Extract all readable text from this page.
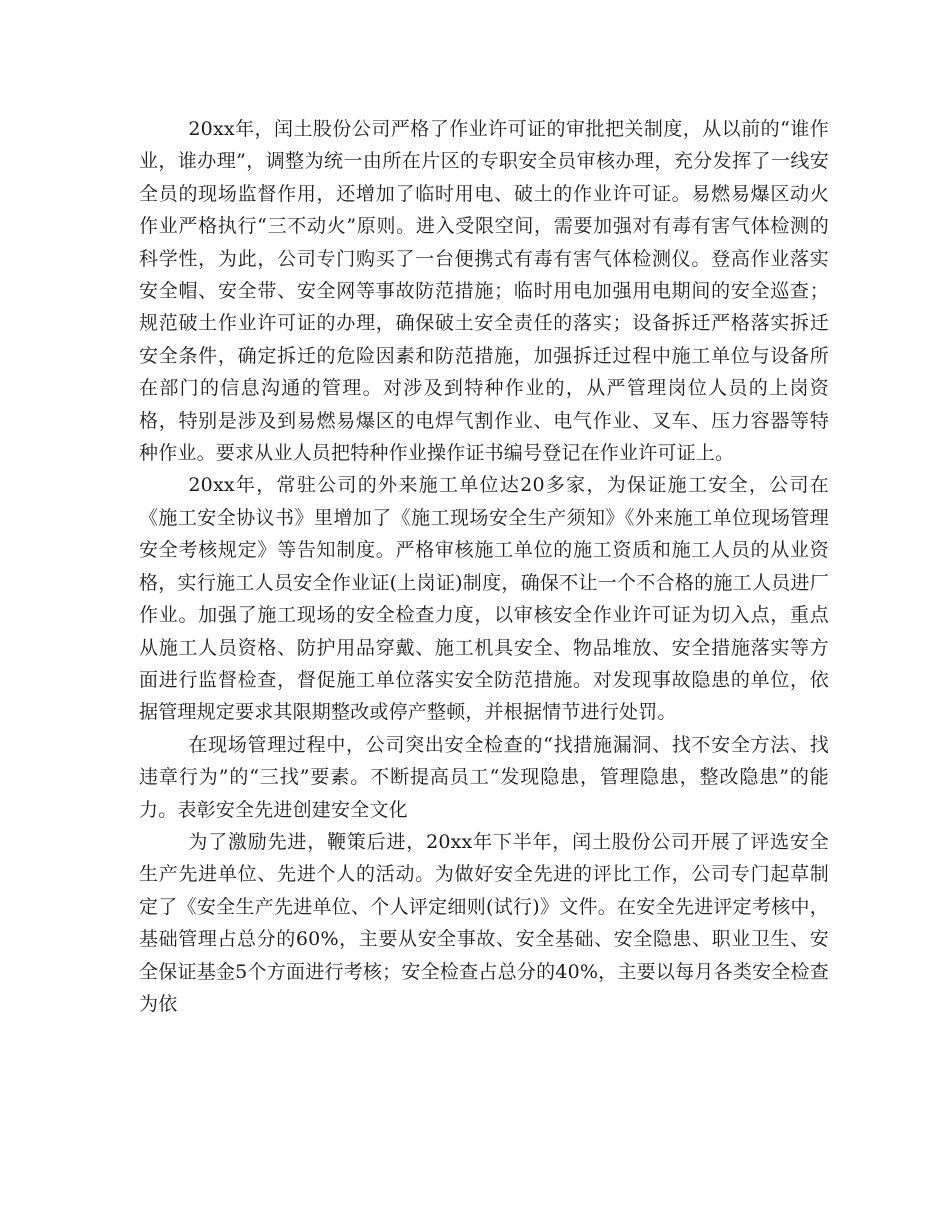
20xx年，闰土股份公司严格了作业许可证的审批把关制度，从以前的“谁作业，谁办理”，调整为统一由所在片区的专职安全员审核办理，充分发挥了一线安全员的现场监督作用，还增加了临时用电、破土的作业许可证。易燃易爆区动火作业严格执行“三不动火”原则。进入受限空间，需要加强对有毒有害气体检测的科学性，为此，公司专门购买了一台便携式有毒有害气体检测仪。登高作业落实安全帽、安全带、安全网等事故防范措施；临时用电加强用电期间的安全巡查；规范破土作业许可证的办理，确保破土安全责任的落实；设备拆迁严格落实拆迁安全条件，确定拆迁的危险因素和防范措施，加强拆迁过程中施工单位与设备所在部门的信息沟通的管理。对涉及到特种作业的，从严管理岗位人员的上岗资格，特别是涉及到易燃易爆区的电焊气割作业、电气作业、叉车、压力容器等特种作业。要求从业人员把特种作业操作证书编号登记在作业许可证上。

20xx年，常驻公司的外来施工单位达20多家，为保证施工安全，公司在《施工安全协议书》里增加了《施工现场安全生产须知》《外来施工单位现场管理安全考核规定》等告知制度。严格审核施工单位的施工资质和施工人员的从业资格，实行施工人员安全作业证(上岗证)制度，确保不让一个不合格的施工人员进厂作业。加强了施工现场的安全检查力度，以审核安全作业许可证为切入点，重点从施工人员资格、防护用品穿戴、施工机具安全、物品堆放、安全措施落实等方面进行监督检查，督促施工单位落实安全防范措施。对发现事故隐患的单位，依据管理规定要求其限期整改或停产整顿，并根据情节进行处罚。

在现场管理过程中，公司突出安全检查的“找措施漏洞、找不安全方法、找违章行为”的“三找”要素。不断提高员工“发现隐患，管理隐患，整改隐患”的能力。表彰安全先进创建安全文化

为了激励先进，鞭策后进，20xx年下半年，闰土股份公司开展了评选安全生产先进单位、先进个人的活动。为做好安全先进的评比工作，公司专门起草制定了《安全生产先进单位、个人评定细则(试行)》文件。在安全先进评定考核中，基础管理占总分的60%，主要从安全事故、安全基础、安全隐患、职业卫生、安全保证基金5个方面进行考核；安全检查占总分的40%，主要以每月各类安全检查为依
